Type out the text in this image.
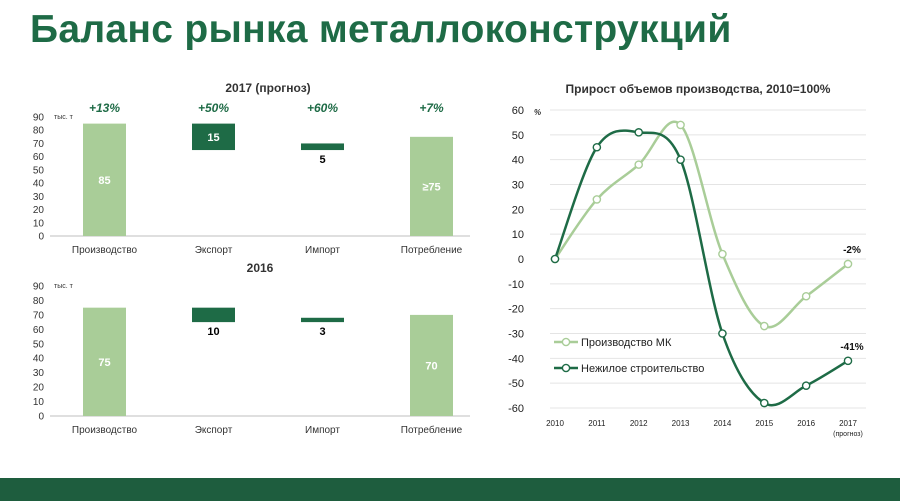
Баланс рынка металлоконструкций
2017 (прогноз)
тыс. т
0
10
20
30
40
50
60
70
80
90
85
Производство
+13%
15
Экспорт
+50%
5
Импорт
+60%
≥75
Потребление
+7%
2016
тыс. т
0
10
20
30
40
50
60
70
80
90
75
Производство
10
Экспорт
3
Импорт
70
Потребление
Прирост объемов производства, 2010=100%
%
60
50
40
30
20
10
0
-10
-20
-30
-40
-50
-60
2010	2011	2012	2013	2014	2015	2016	2017
(прогноз)
-2%
-41%
Производство МК
Нежилое строительство
